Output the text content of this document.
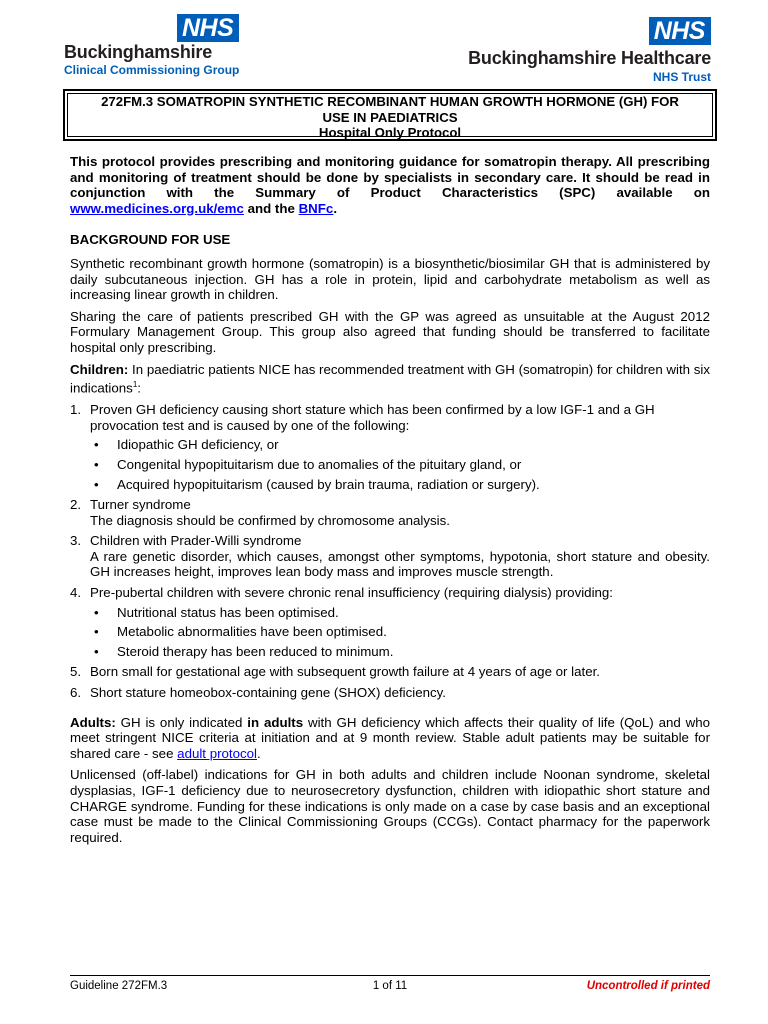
NHS
Buckinghamshire
Clinical Commissioning Group
NHS
Buckinghamshire Healthcare
NHS Trust
272FM.3 SOMATROPIN SYNTHETIC RECOMBINANT HUMAN GROWTH HORMONE (GH) FOR
USE IN PAEDIATRICS
Hospital Only Protocol

This protocol provides prescribing and monitoring guidance for somatropin therapy. All prescribing and monitoring of treatment should be done by specialists in secondary care. It should be read in conjunction with the Summary of Product Characteristics (SPC) available on www.medicines.org.uk/emc and the BNFc.

BACKGROUND FOR USE

Synthetic recombinant growth hormone (somatropin) is a biosynthetic/biosimilar GH that is administered by daily subcutaneous injection. GH has a role in protein, lipid and carbohydrate metabolism as well as increasing linear growth in children.

Sharing the care of patients prescribed GH with the GP was agreed as unsuitable at the August 2012 Formulary Management Group. This group also agreed that funding should be transferred to facilitate hospital only prescribing.

Children: In paediatric patients NICE has recommended treatment with GH (somatropin) for children with six indications$^1$:

1. Proven GH deficiency causing short stature which has been confirmed by a low IGF-1 and a GH provocation test and is caused by one of the following:
• Idiopathic GH deficiency, or
• Congenital hypopituitarism due to anomalies of the pituitary gland, or
• Acquired hypopituitarism (caused by brain trauma, radiation or surgery).
2. Turner syndrome
The diagnosis should be confirmed by chromosome analysis.
3. Children with Prader-Willi syndrome
A rare genetic disorder, which causes, amongst other symptoms, hypotonia, short stature and obesity. GH increases height, improves lean body mass and improves muscle strength.
4. Pre-pubertal children with severe chronic renal insufficiency (requiring dialysis) providing:
• Nutritional status has been optimised.
• Metabolic abnormalities have been optimised.
• Steroid therapy has been reduced to minimum.
5. Born small for gestational age with subsequent growth failure at 4 years of age or later.
6. Short stature homeobox-containing gene (SHOX) deficiency.

Adults: GH is only indicated in adults with GH deficiency which affects their quality of life (QoL) and who meet stringent NICE criteria at initiation and at 9 month review. Stable adult patients may be suitable for shared care - see adult protocol.

Unlicensed (off-label) indications for GH in both adults and children include Noonan syndrome, skeletal dysplasias, IGF-1 deficiency due to neurosecretory dysfunction, children with idiopathic short stature and CHARGE syndrome. Funding for these indications is only made on a case by case basis and an exceptional case must be made to the Clinical Commissioning Groups (CCGs). Contact pharmacy for the paperwork required.

Guideline 272FM.3	1 of 11	Uncontrolled if printed
